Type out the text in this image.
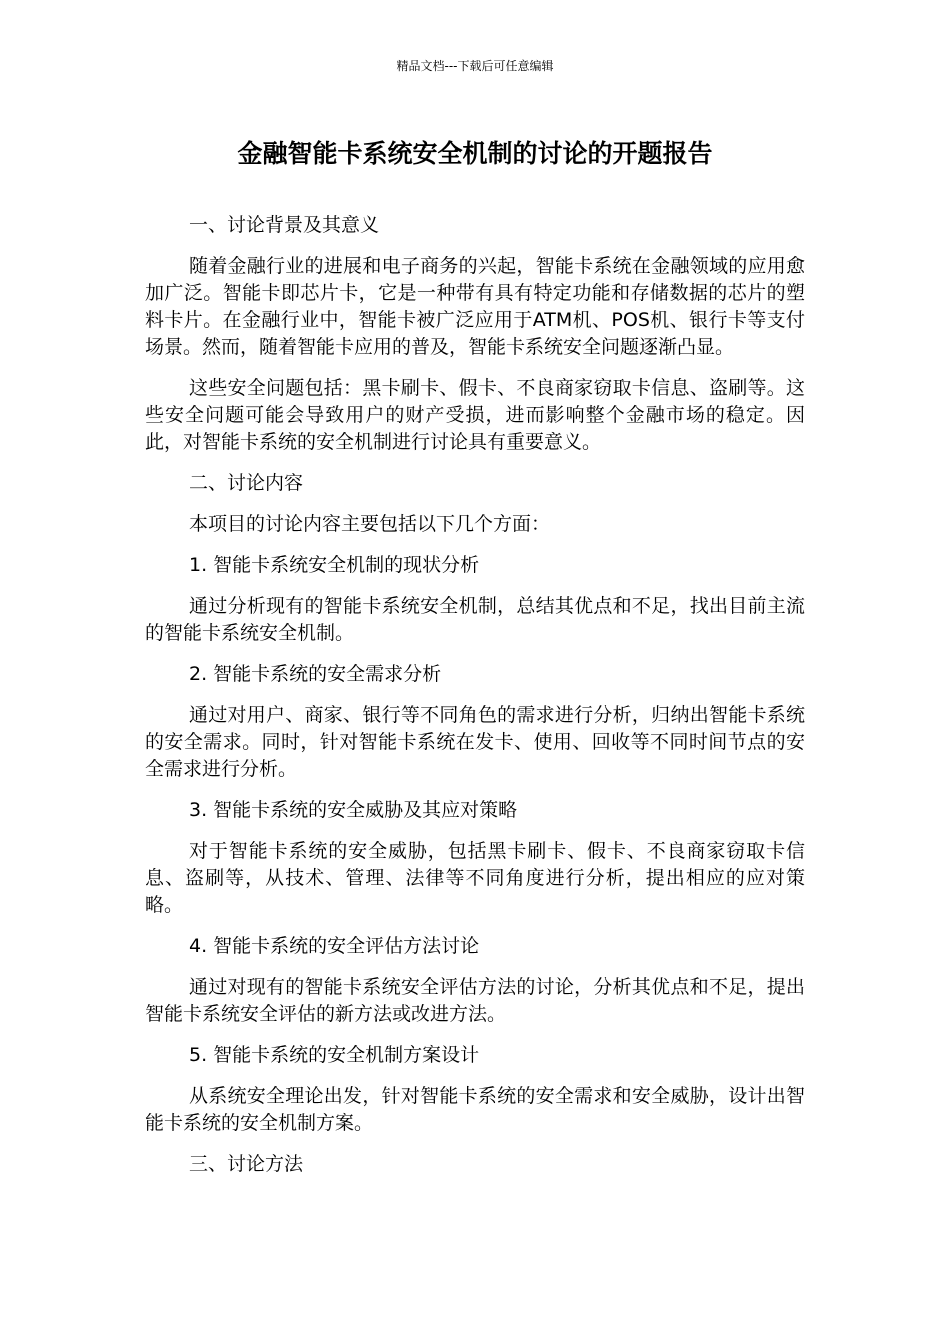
精品文档---下载后可任意编辑
金融智能卡系统安全机制的讨论的开题报告

一、讨论背景及其意义

随着金融行业的进展和电子商务的兴起，智能卡系统在金融领域的应用愈加广泛。智能卡即芯片卡，它是一种带有具有特定功能和存储数据的芯片的塑料卡片。在金融行业中，智能卡被广泛应用于ATM机、POS机、银行卡等支付场景。然而，随着智能卡应用的普及，智能卡系统安全问题逐渐凸显。

这些安全问题包括：黑卡刷卡、假卡、不良商家窃取卡信息、盗刷等。这些安全问题可能会导致用户的财产受损，进而影响整个金融市场的稳定。因此，对智能卡系统的安全机制进行讨论具有重要意义。

二、讨论内容

本项目的讨论内容主要包括以下几个方面：

1. 智能卡系统安全机制的现状分析

通过分析现有的智能卡系统安全机制，总结其优点和不足，找出目前主流的智能卡系统安全机制。

2. 智能卡系统的安全需求分析

通过对用户、商家、银行等不同角色的需求进行分析，归纳出智能卡系统的安全需求。同时，针对智能卡系统在发卡、使用、回收等不同时间节点的安全需求进行分析。

3. 智能卡系统的安全威胁及其应对策略

对于智能卡系统的安全威胁，包括黑卡刷卡、假卡、不良商家窃取卡信息、盗刷等，从技术、管理、法律等不同角度进行分析，提出相应的应对策略。

4. 智能卡系统的安全评估方法讨论

通过对现有的智能卡系统安全评估方法的讨论，分析其优点和不足，提出智能卡系统安全评估的新方法或改进方法。

5. 智能卡系统的安全机制方案设计

从系统安全理论出发，针对智能卡系统的安全需求和安全威胁，设计出智能卡系统的安全机制方案。

三、讨论方法
